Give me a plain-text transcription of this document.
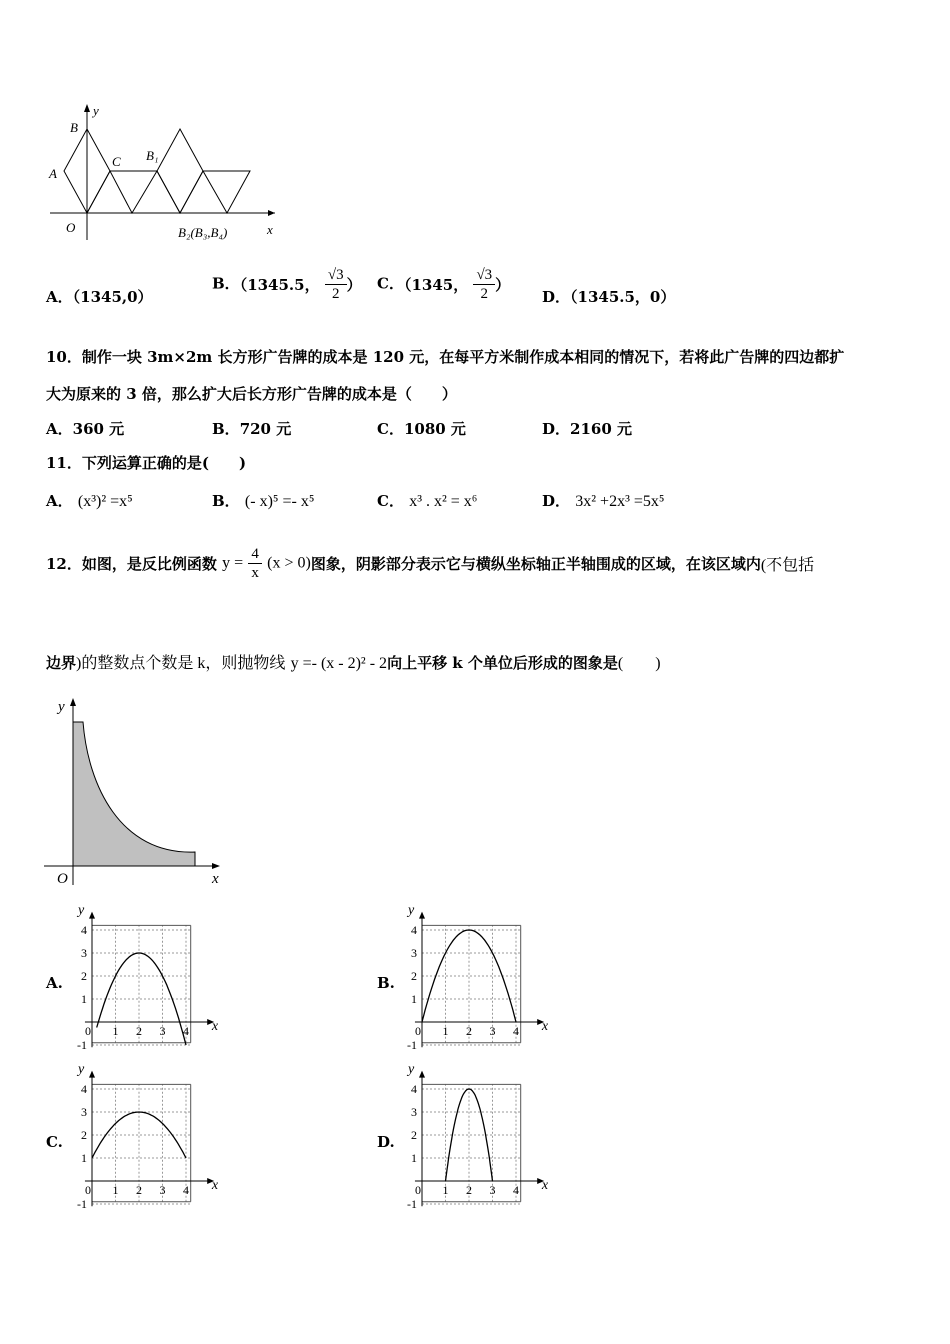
y
B
A
C B₁
O	B₂(B₃,B₄)	x
A．（1345,0）
B．（1345.5， $\frac{√3}{2}$ ） C．（1345， $\frac{√3}{2}$ ）
D．（1345.5，0）
10．制作一块 3m×2m 长方形广告牌的成本是 120 元，在每平方米制作成本相同的情况下，若将此广告牌的四边都扩
大为原来的 3 倍，那么扩大后长方形广告牌的成本是（　　）
A．360 元	B．720 元	C．1080 元	D．2160 元
11．下列运算正确的是(　　)
A． (x³)² =x⁵	B． (- x)⁵ =- x⁵	C． x³ . x² = x⁶	D． 3x² +2x³ =5x⁵
12．如图，是反比例函数 $y = \frac{4}{x} (x > 0)$图象，阴影部分表示它与横纵坐标轴正半轴围成的区域，在该区域内(不包括
边界)的整数点个数是 k，则抛物线 y =- (x - 2)² - 2向上平移 k 个单位后形成的图象是(　　)
y
O	x
A.
4
3
2
1
-1
0 1 2 3 4 x
y
B.
4
3
2
1
-1
0 1 2 3 4 x
y
C.
4
3
2
1
-1
0 1 2 3 4 x
y
D.
4
3
2
1
-1
0 1 2 3 4 x
y
